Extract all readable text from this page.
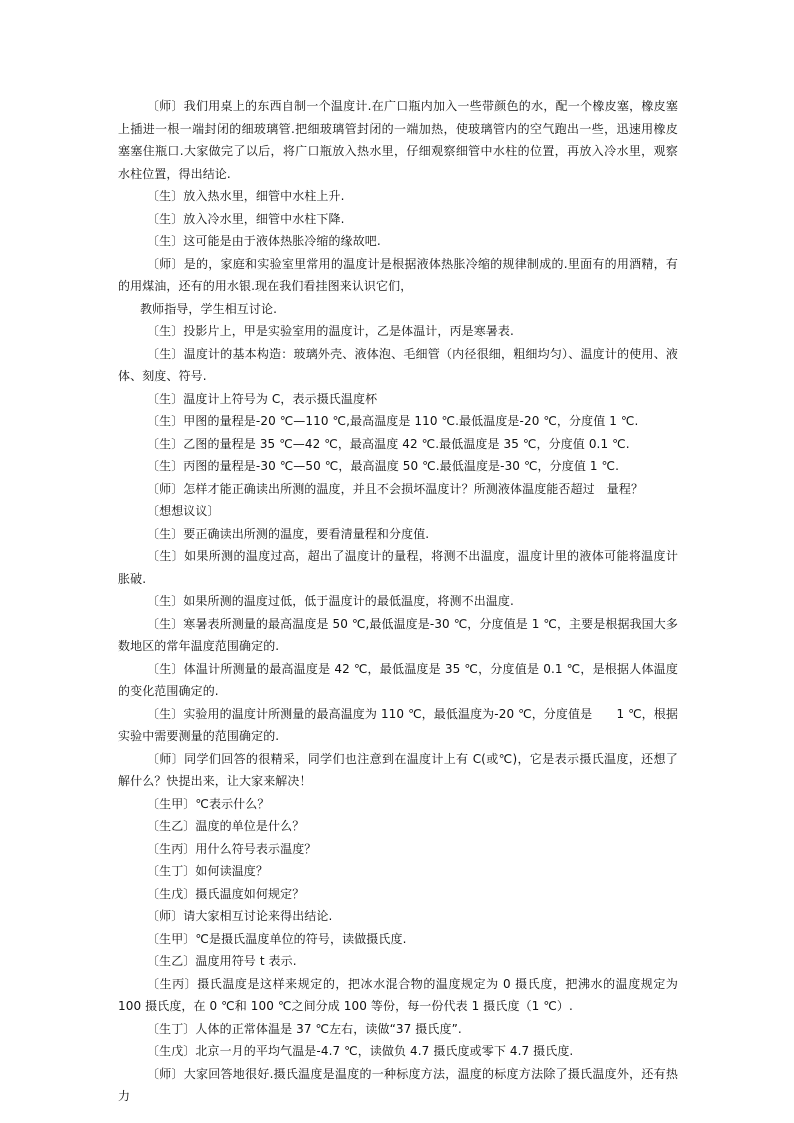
〔师〕我们用桌上的东西自制一个温度计.在广口瓶内加入一些带颜色的水，配一个橡皮塞，橡皮塞上插进一根一端封闭的细玻璃管.把细玻璃管封闭的一端加热，使玻璃管内的空气跑出一些，迅速用橡皮塞塞住瓶口.大家做完了以后，将广口瓶放入热水里，仔细观察细管中水柱的位置，再放入冷水里，观察水柱位置，得出结论.

〔生〕放入热水里，细管中水柱上升.

〔生〕放入冷水里，细管中水柱下降.

〔生〕这可能是由于液体热胀冷缩的缘故吧.

〔师〕是的，家庭和实验室里常用的温度计是根据液体热胀冷缩的规律制成的.里面有的用酒精，有的用煤油，还有的用水银.现在我们看挂图来认识它们，

教师指导，学生相互讨论.

〔生〕投影片上，甲是实验室用的温度计，乙是体温计，丙是寒暑表.

〔生〕温度计的基本构造：玻璃外壳、液体泡、毛细管（内径很细，粗细均匀）、温度计的使用、液体、刻度、符号.

〔生〕温度计上符号为 C，表示摄氏温度杯

〔生〕甲图的量程是-20 ℃—110 ℃,最高温度是 110 ℃.最低温度是-20 ℃，分度值 1 ℃.

〔生〕乙图的量程是 35 ℃—42 ℃，最高温度 42 ℃.最低温度是 35 ℃，分度值 0.1 ℃.

〔生〕丙图的量程是-30 ℃—50 ℃，最高温度 50 ℃.最低温度是-30 ℃，分度值 1 ℃.

〔师〕怎样才能正确读出所测的温度，并且不会损坏温度计？所测液体温度能否超过　量程？

〔想想议议〕

〔生〕要正确读出所测的温度，要看清量程和分度值.

〔生〕如果所测的温度过高，超出了温度计的量程，将测不出温度，温度计里的液体可能将温度计胀破.

〔生〕如果所测的温度过低，低于温度计的最低温度，将测不出温度.

〔生〕寒暑表所测量的最高温度是 50 ℃,最低温度是-30 ℃，分度值是 1 ℃，主要是根据我国大多数地区的常年温度范围确定的.

〔生〕体温计所测量的最高温度是 42 ℃，最低温度是 35 ℃，分度值是 0.1 ℃，是根据人体温度的变化范围确定的.

〔生〕实验用的温度计所测量的最高温度为 110 ℃，最低温度为-20 ℃，分度值是　　1 ℃，根据实验中需要测量的范围确定的.

〔师〕同学们回答的很精采，同学们也注意到在温度计上有 C(或℃)，它是表示摄氏温度，还想了解什么？快提出来，让大家来解决！

〔生甲〕℃表示什么？

〔生乙〕温度的单位是什么？

〔生丙〕用什么符号表示温度？

〔生丁〕如何读温度？

〔生戊〕摄氏温度如何规定？

〔师〕请大家相互讨论来得出结论.

〔生甲〕℃是摄氏温度单位的符号，读做摄氏度.

〔生乙〕温度用符号 t 表示.

〔生丙〕摄氏温度是这样来规定的，把冰水混合物的温度规定为 0 摄氏度，把沸水的温度规定为 100 摄氏度，在 0 ℃和 100 ℃之间分成 100 等份，每一份代表 1 摄氏度（1 ℃）.

〔生丁〕人体的正常体温是 37 ℃左右，读做“37 摄氏度”.

〔生戊〕北京一月的平均气温是-4.7 ℃，读做负 4.7 摄氏度或零下 4.7 摄氏度.

〔师〕大家回答地很好.摄氏温度是温度的一种标度方法，温度的标度方法除了摄氏温度外，还有热力
